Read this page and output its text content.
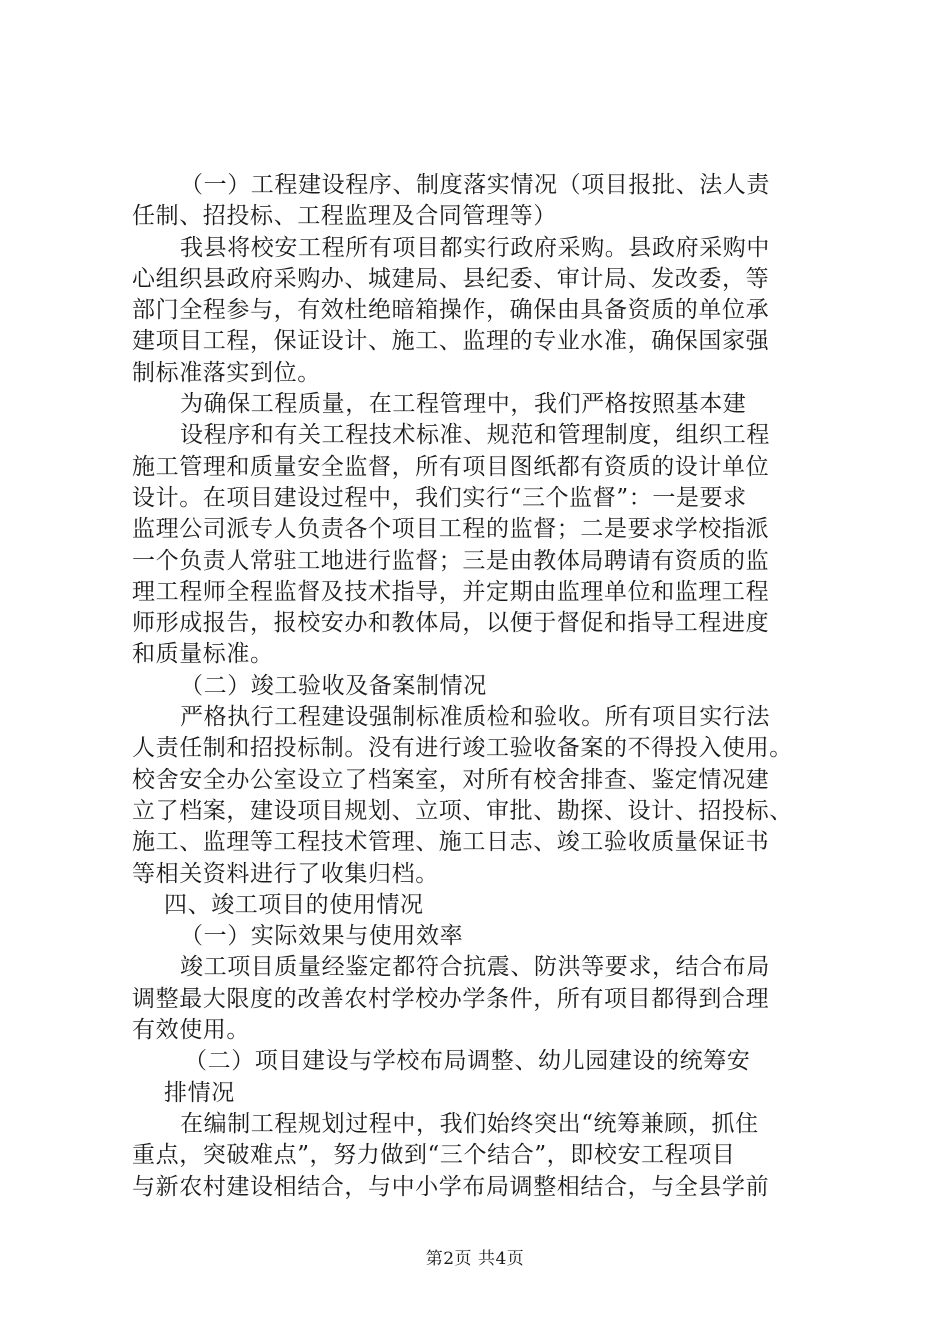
（一）工程建设程序、制度落实情况（项目报批、法人责
任制、招投标、工程监理及合同管理等）
我县将校安工程所有项目都实行政府采购。县政府采购中
心组织县政府采购办、城建局、县纪委、审计局、发改委，等
部门全程参与，有效杜绝暗箱操作，确保由具备资质的单位承
建项目工程，保证设计、施工、监理的专业水准，确保国家强
制标准落实到位。
为确保工程质量，在工程管理中，我们严格按照基本建
设程序和有关工程技术标准、规范和管理制度，组织工程
施工管理和质量安全监督，所有项目图纸都有资质的设计单位
设计。在项目建设过程中，我们实行“三个监督”：一是要求
监理公司派专人负责各个项目工程的监督；二是要求学校指派
一个负责人常驻工地进行监督；三是由教体局聘请有资质的监
理工程师全程监督及技术指导，并定期由监理单位和监理工程
师形成报告，报校安办和教体局，以便于督促和指导工程进度
和质量标准。
（二）竣工验收及备案制情况
严格执行工程建设强制标准质检和验收。所有项目实行法
人责任制和招投标制。没有进行竣工验收备案的不得投入使用。
校舍安全办公室设立了档案室，对所有校舍排查、鉴定情况建
立了档案，建设项目规划、立项、审批、勘探、设计、招投标、
施工、监理等工程技术管理、施工日志、竣工验收质量保证书
等相关资料进行了收集归档。
四、竣工项目的使用情况
（一）实际效果与使用效率
竣工项目质量经鉴定都符合抗震、防洪等要求，结合布局
调整最大限度的改善农村学校办学条件，所有项目都得到合理
有效使用。
（二）项目建设与学校布局调整、幼儿园建设的统筹安
排情况
在编制工程规划过程中，我们始终突出“统筹兼顾，抓住
重点，突破难点”，努力做到“三个结合”，即校安工程项目
与新农村建设相结合，与中小学布局调整相结合，与全县学前
第2页 共4页
